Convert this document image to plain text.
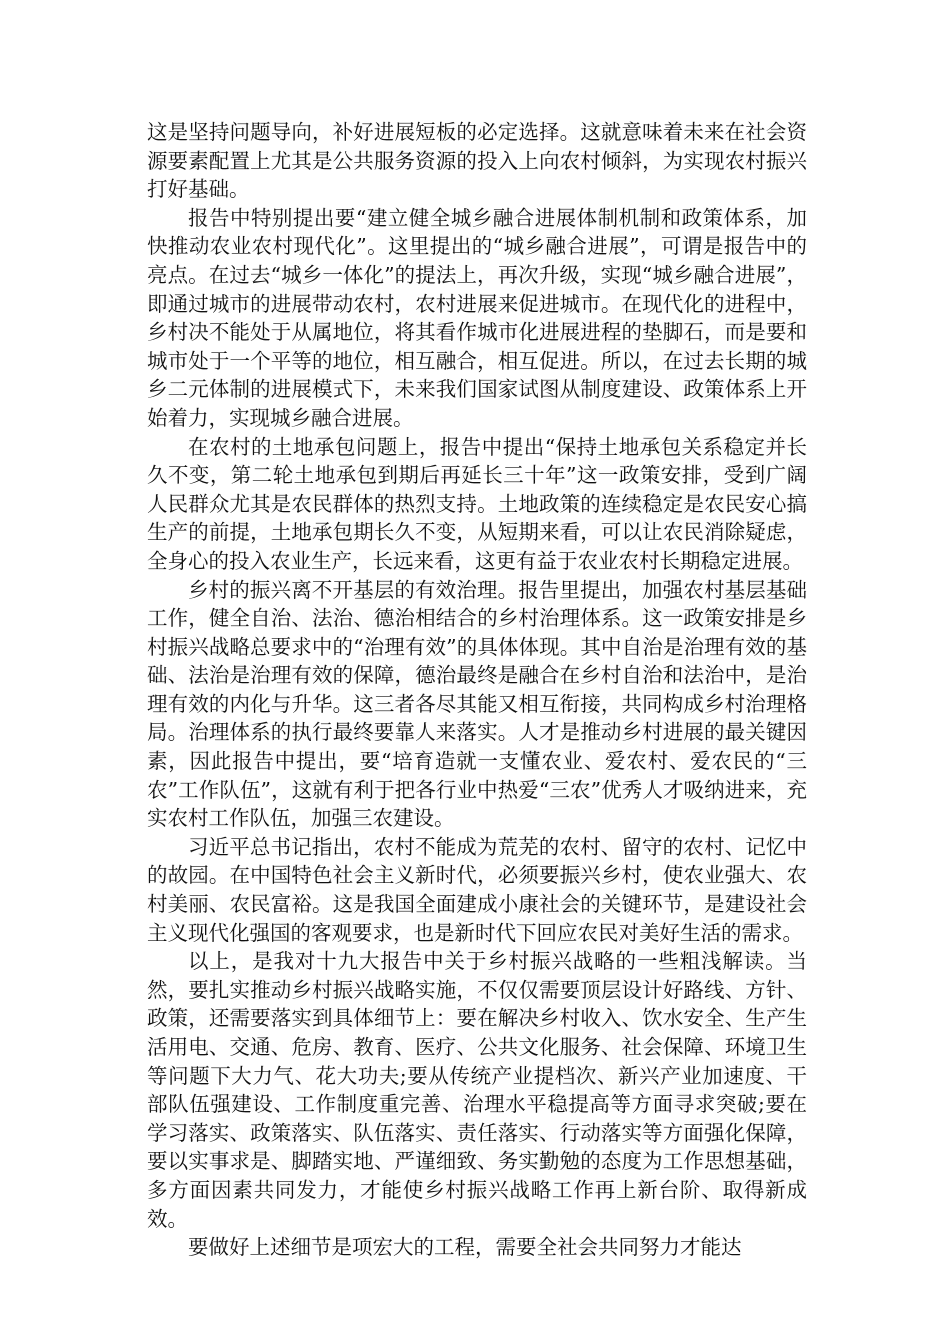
这是坚持问题导向，补好进展短板的必定选择。这就意味着未来在社会资源要素配置上尤其是公共服务资源的投入上向农村倾斜，为实现农村振兴打好基础。

报告中特别提出要“建立健全城乡融合进展体制机制和政策体系，加快推动农业农村现代化”。这里提出的“城乡融合进展”，可谓是报告中的亮点。在过去“城乡一体化”的提法上，再次升级，实现“城乡融合进展”，即通过城市的进展带动农村，农村进展来促进城市。在现代化的进程中，乡村决不能处于从属地位，将其看作城市化进展进程的垫脚石，而是要和城市处于一个平等的地位，相互融合，相互促进。所以，在过去长期的城乡二元体制的进展模式下，未来我们国家试图从制度建设、政策体系上开始着力，实现城乡融合进展。

在农村的土地承包问题上，报告中提出“保持土地承包关系稳定并长久不变，第二轮土地承包到期后再延长三十年”这一政策安排，受到广阔人民群众尤其是农民群体的热烈支持。土地政策的连续稳定是农民安心搞生产的前提，土地承包期长久不变，从短期来看，可以让农民消除疑虑，全身心的投入农业生产，长远来看，这更有益于农业农村长期稳定进展。

乡村的振兴离不开基层的有效治理。报告里提出，加强农村基层基础工作，健全自治、法治、德治相结合的乡村治理体系。这一政策安排是乡村振兴战略总要求中的“治理有效”的具体体现。其中自治是治理有效的基础、法治是治理有效的保障，德治最终是融合在乡村自治和法治中，是治理有效的内化与升华。这三者各尽其能又相互衔接，共同构成乡村治理格局。治理体系的执行最终要靠人来落实。人才是推动乡村进展的最关键因素，因此报告中提出，要“培育造就一支懂农业、爱农村、爱农民的“三农”工作队伍”，这就有利于把各行业中热爱“三农”优秀人才吸纳进来，充实农村工作队伍，加强三农建设。

习近平总书记指出，农村不能成为荒芜的农村、留守的农村、记忆中的故园。在中国特色社会主义新时代，必须要振兴乡村，使农业强大、农村美丽、农民富裕。这是我国全面建成小康社会的关键环节，是建设社会主义现代化强国的客观要求，也是新时代下回应农民对美好生活的需求。

以上，是我对十九大报告中关于乡村振兴战略的一些粗浅解读。当然，要扎实推动乡村振兴战略实施，不仅仅需要顶层设计好路线、方针、政策，还需要落实到具体细节上：要在解决乡村收入、饮水安全、生产生活用电、交通、危房、教育、医疗、公共文化服务、社会保障、环境卫生等问题下大力气、花大功夫;要从传统产业提档次、新兴产业加速度、干部队伍强建设、工作制度重完善、治理水平稳提高等方面寻求突破;要在学习落实、政策落实、队伍落实、责任落实、行动落实等方面强化保障，要以实事求是、脚踏实地、严谨细致、务实勤勉的态度为工作思想基础，多方面因素共同发力，才能使乡村振兴战略工作再上新台阶、取得新成效。

要做好上述细节是项宏大的工程，需要全社会共同努力才能达
